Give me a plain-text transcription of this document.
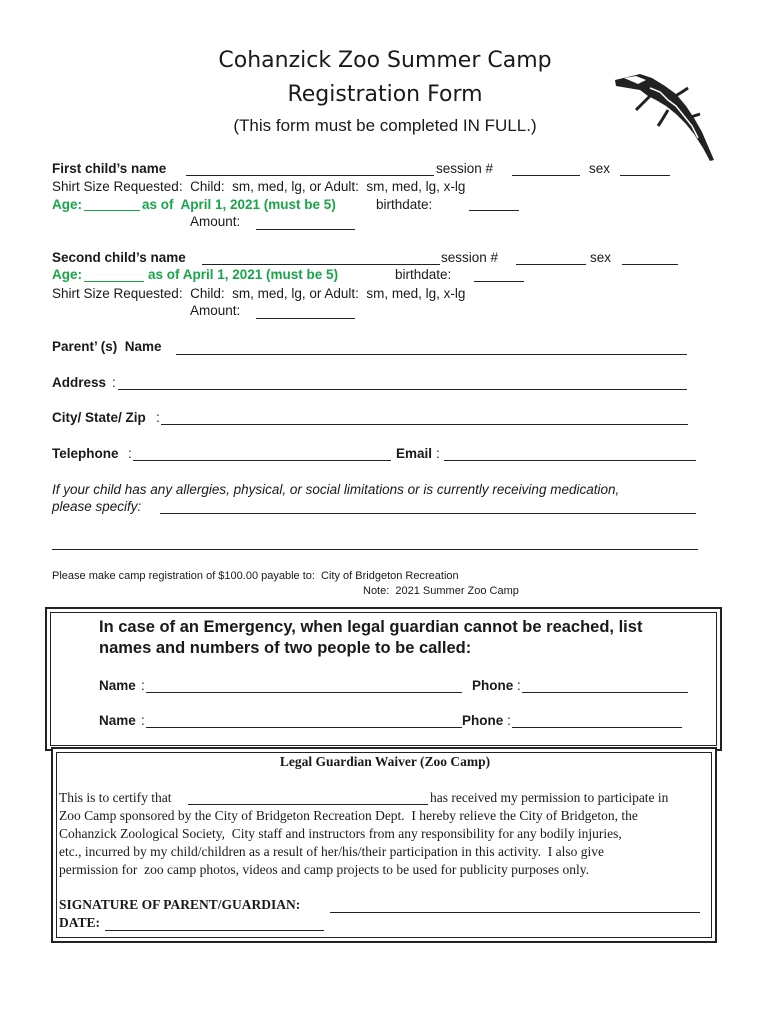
Cohanzick Zoo Summer Camp
Registration Form
(This form must be completed IN FULL.)
First child’s name	session #	sex
Shirt Size Requested:  Child:  sm, med, lg, or Adult:  sm, med, lg, x-lg
Age:	as of  April 1, 2021 (must be 5)	birthdate:
Amount:
Second child’s name	session #	sex
Age:	as of April 1, 2021 (must be 5)	birthdate:
Shirt Size Requested:  Child:  sm, med, lg, or Adult:  sm, med, lg, x-lg
Amount:
Parent’ (s)  Name
Address :
City/ State/ Zip :
Telephone :	Email :
If your child has any allergies, physical, or social limitations or is currently receiving medication,
please specify:
Please make camp registration of $100.00 payable to:  City of Bridgeton Recreation
Note:  2021 Summer Zoo Camp
In case of an Emergency, when legal guardian cannot be reached, list
names and numbers of two people to be called:
Name :	Phone :
Name :	Phone :
Legal Guardian Waiver (Zoo Camp)
This is to certify that	has received my permission to participate in
Zoo Camp sponsored by the City of Bridgeton Recreation Dept.  I hereby relieve the City of Bridgeton, the
Cohanzick Zoological Society,  City staff and instructors from any responsibility for any bodily injuries,
etc., incurred by my child/children as a result of her/his/their participation in this activity.  I also give
permission for  zoo camp photos, videos and camp projects to be used for publicity purposes only.
SIGNATURE OF PARENT/GUARDIAN:
DATE:
